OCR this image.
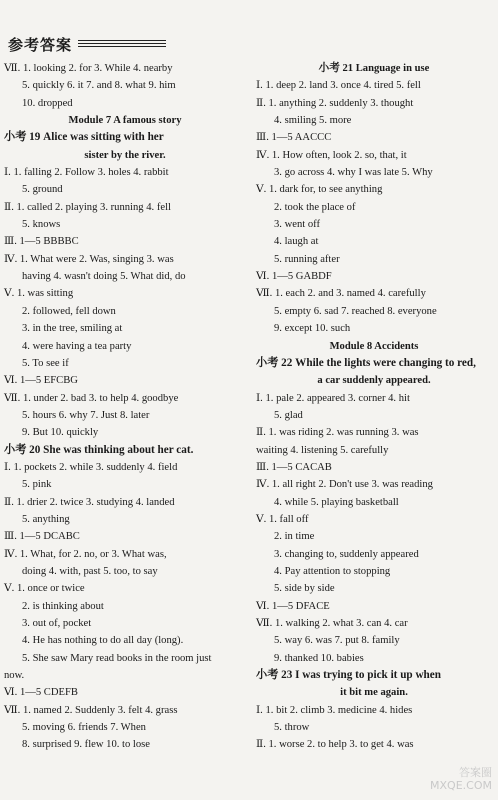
参考答案
Ⅶ. 1. looking 2. for 3. While 4. nearby
5. quickly 6. it 7. and 8. what 9. him
10. dropped
Module 7 A famous story
小考 19 Alice was sitting with her
sister by the river.
Ⅰ. 1. falling 2. Follow 3. holes 4. rabbit
5. ground
Ⅱ. 1. called 2. playing 3. running 4. fell
5. knows
Ⅲ. 1—5 BBBBC
Ⅳ. 1. What were 2. Was, singing 3. was
having 4. wasn't doing 5. What did, do
Ⅴ. 1. was sitting
2. followed, fell down
3. in the tree, smiling at
4. were having a tea party
5. To see if
Ⅵ. 1—5 EFCBG
Ⅶ. 1. under 2. bad 3. to help 4. goodbye
5. hours 6. why 7. Just 8. later
9. But 10. quickly
小考 20 She was thinking about her cat.
Ⅰ. 1. pockets 2. while 3. suddenly 4. field
5. pink
Ⅱ. 1. drier 2. twice 3. studying 4. landed
5. anything
Ⅲ. 1—5 DCABC
Ⅳ. 1. What, for 2. no, or 3. What was,
doing 4. with, past 5. too, to say
Ⅴ. 1. once or twice
2. is thinking about
3. out of, pocket
4. He has nothing to do all day (long).
5. She saw Mary read books in the room just
now.
Ⅵ. 1—5 CDEFB
Ⅶ. 1. named 2. Suddenly 3. felt 4. grass
5. moving 6. friends 7. When
8. surprised 9. flew 10. to lose
小考 21 Language in use
Ⅰ. 1. deep 2. land 3. once 4. tired 5. fell
Ⅱ. 1. anything 2. suddenly 3. thought
4. smiling 5. more
Ⅲ. 1—5 AACCC
Ⅳ. 1. How often, look 2. so, that, it
3. go across 4. why I was late 5. Why
Ⅴ. 1. dark for, to see anything
2. took the place of
3. went off
4. laugh at
5. running after
Ⅵ. 1—5 GABDF
Ⅶ. 1. each 2. and 3. named 4. carefully
5. empty 6. sad 7. reached 8. everyone
9. except 10. such
Module 8 Accidents
小考 22 While the lights were changing to red,
a car suddenly appeared.
Ⅰ. 1. pale 2. appeared 3. corner 4. hit
5. glad
Ⅱ. 1. was riding 2. was running 3. was
waiting 4. listening 5. carefully
Ⅲ. 1—5 CACAB
Ⅳ. 1. all right 2. Don't use 3. was reading
4. while 5. playing basketball
Ⅴ. 1. fall off
2. in time
3. changing to, suddenly appeared
4. Pay attention to stopping
5. side by side
Ⅵ. 1—5 DFACE
Ⅶ. 1. walking 2. what 3. can 4. car
5. way 6. was 7. put 8. family
9. thanked 10. babies
小考 23 I was trying to pick it up when
it bit me again.
Ⅰ. 1. bit 2. climb 3. medicine 4. hides
5. throw
Ⅱ. 1. worse 2. to help 3. to get 4. was
答案圈
MXQE.COM
